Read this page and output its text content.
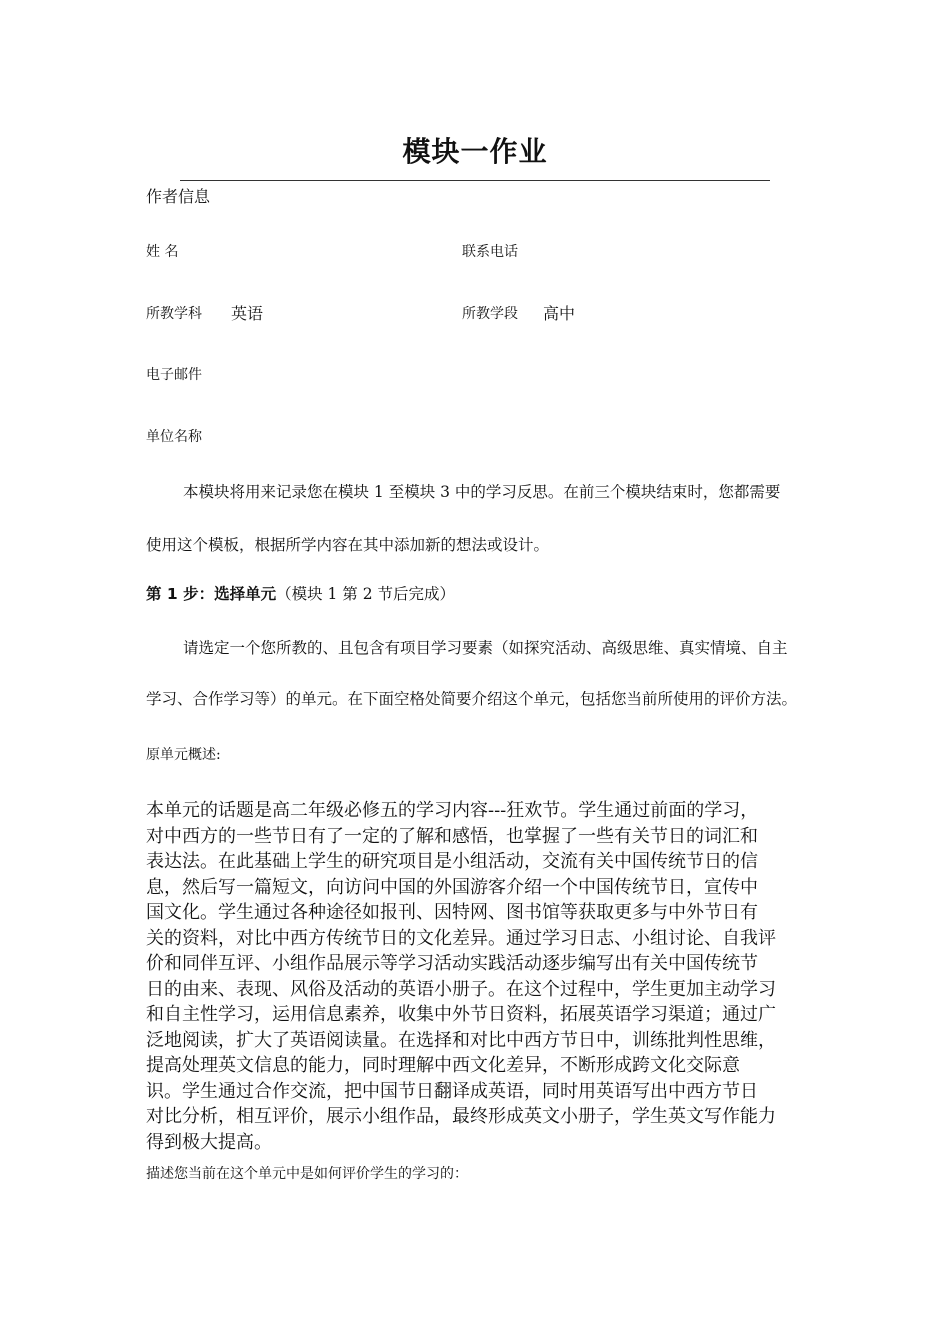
模块一作业
作者信息
姓 名	联系电话
所教学科 英语	所教学段 高中
电子邮件
单位名称
本模块将用来记录您在模块 1 至模块 3 中的学习反思。在前三个模块结束时，您都需要
使用这个模板，根据所学内容在其中添加新的想法或设计。
第 1 步：选择单元（模块 1 第 2 节后完成）
请选定一个您所教的、且包含有项目学习要素（如探究活动、高级思维、真实情境、自主
学习、合作学习等）的单元。在下面空格处简要介绍这个单元，包括您当前所使用的评价方法。
原单元概述:

本单元的话题是高二年级必修五的学习内容---狂欢节。学生通过前面的学习，

对中西方的一些节日有了一定的了解和感悟，也掌握了一些有关节日的词汇和

表达法。在此基础上学生的研究项目是小组活动，交流有关中国传统节日的信

息，然后写一篇短文，向访问中国的外国游客介绍一个中国传统节日，宣传中

国文化。学生通过各种途径如报刊、因特网、图书馆等获取更多与中外节日有

关的资料，对比中西方传统节日的文化差异。通过学习日志、小组讨论、自我评

价和同伴互评、小组作品展示等学习活动实践活动逐步编写出有关中国传统节

日的由来、表现、风俗及活动的英语小册子。在这个过程中，学生更加主动学习

和自主性学习，运用信息素养，收集中外节日资料，拓展英语学习渠道；通过广

泛地阅读，扩大了英语阅读量。在选择和对比中西方节日中，训练批判性思维，

提高处理英文信息的能力，同时理解中西文化差异，不断形成跨文化交际意

识。学生通过合作交流，把中国节日翻译成英语，同时用英语写出中西方节日

对比分析，相互评价，展示小组作品，最终形成英文小册子，学生英文写作能力

得到极大提高。

描述您当前在这个单元中是如何评价学生的学习的：
